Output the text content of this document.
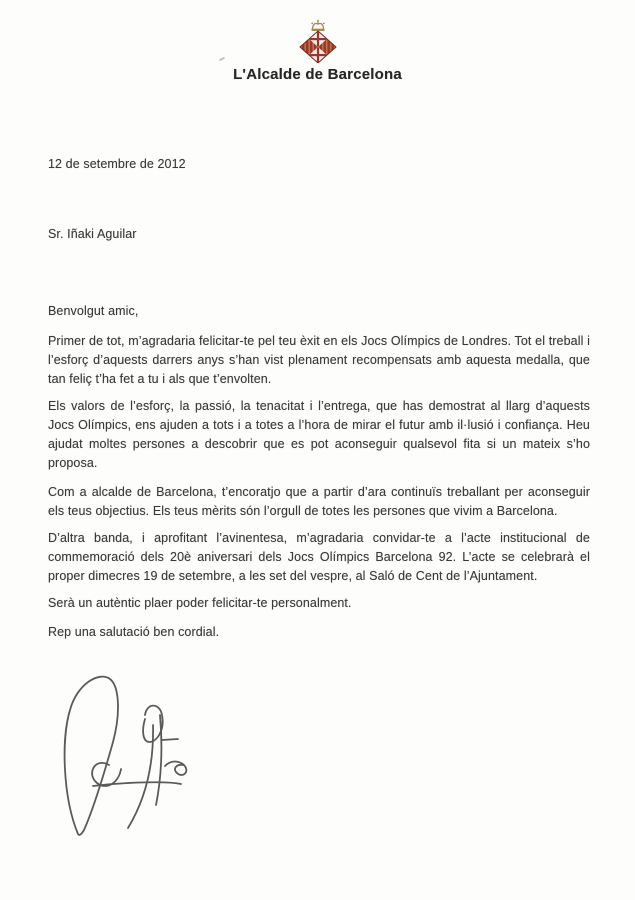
L'Alcalde de Barcelona
12 de setembre de 2012
Sr. Iñaki Aguilar
Benvolgut amic,

Primer de tot, m’agradaria felicitar-te pel teu èxit en els Jocs Olímpics de Londres. Tot el treball i l’esforç d’aquests darrers anys s’han vist plenament recompensats amb aquesta medalla, que tan feliç t’ha fet a tu i als que t’envolten.

Els valors de l’esforç, la passió, la tenacitat i l’entrega, que has demostrat al llarg d’aquests Jocs Olímpics, ens ajuden a tots i a totes a l’hora de mirar el futur amb il·lusió i confiança. Heu ajudat moltes persones a descobrir que es pot aconseguir qualsevol fita si un mateix s’ho proposa.

Com a alcalde de Barcelona, t’encoratjo que a partir d’ara continuïs treballant per aconseguir els teus objectius. Els teus mèrits són l’orgull de totes les persones que vivim a Barcelona.

D’altra banda, i aprofitant l’avinentesa, m’agradaria convidar-te a l’acte institucional de commemoració dels 20è aniversari dels Jocs Olímpics Barcelona 92. L’acte se celebrarà el proper dimecres 19 de setembre, a les set del vespre, al Saló de Cent de l’Ajuntament.

Serà un autèntic plaer poder felicitar-te personalment.
Rep una salutació ben cordial.
